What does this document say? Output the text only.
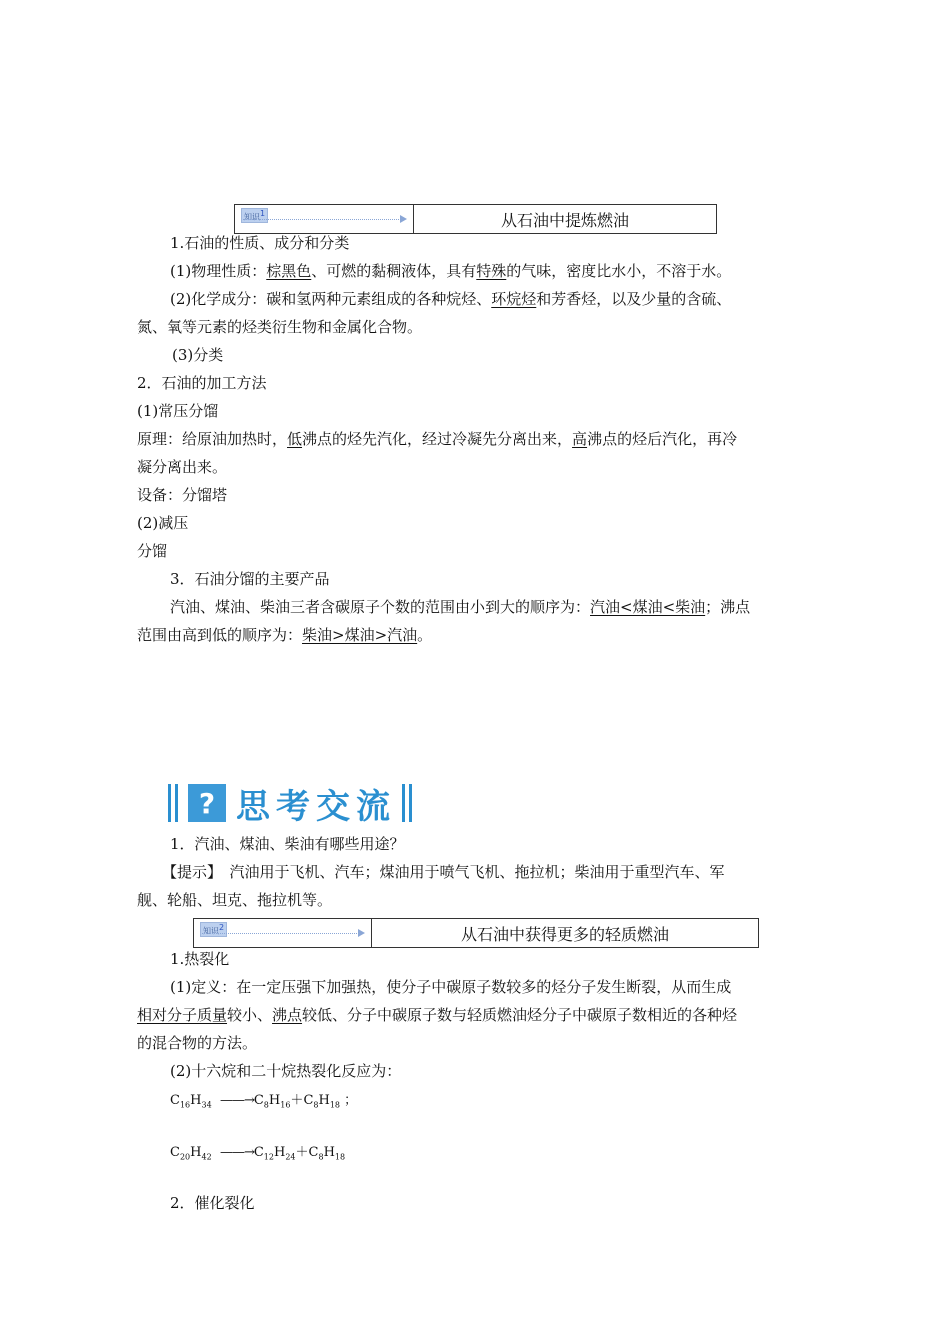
知识$^1$	从石油中提炼燃油
1.石油的性质、成分和分类
(1)物理性质：棕黑色、可燃的黏稠液体，具有特殊的气味，密度比水小，不溶于水。
(2)化学成分：碳和氢两种元素组成的各种烷烃、环烷烃和芳香烃，以及少量的含硫、
氮、氧等元素的烃类衍生物和金属化合物。
(3)分类
2．石油的加工方法
(1)常压分馏
原理：给原油加热时，低沸点的烃先汽化，经过冷凝先分离出来，高沸点的烃后汽化，再冷
凝分离出来。
设备：分馏塔
(2)减压
分馏
3．石油分馏的主要产品
汽油、煤油、柴油三者含碳原子个数的范围由小到大的顺序为：汽油<煤油<柴油；沸点
范围由高到低的顺序为：柴油>煤油>汽油。
? 思考交流
1．汽油、煤油、柴油有哪些用途？
【提示】　汽油用于飞机、汽车；煤油用于喷气飞机、拖拉机；柴油用于重型汽车、军
舰、轮船、坦克、拖拉机等。
知识$^2$	从石油中获得更多的轻质燃油
1.热裂化
(1)定义：在一定压强下加强热，使分子中碳原子数较多的烃分子发生断裂，从而生成
相对分子质量较小、沸点较低、分子中碳原子数与轻质燃油烃分子中碳原子数相近的各种烃
的混合物的方法。
(2)十六烷和二十烷热裂化反应为：
$C_{16}H_{34}$ $——\to C_8H_{16}+C_8H_{18}$ ；
$C_{20}H_{42}$ $——\to C_{12}H_{24}+C_8H_{18}$
2．催化裂化
